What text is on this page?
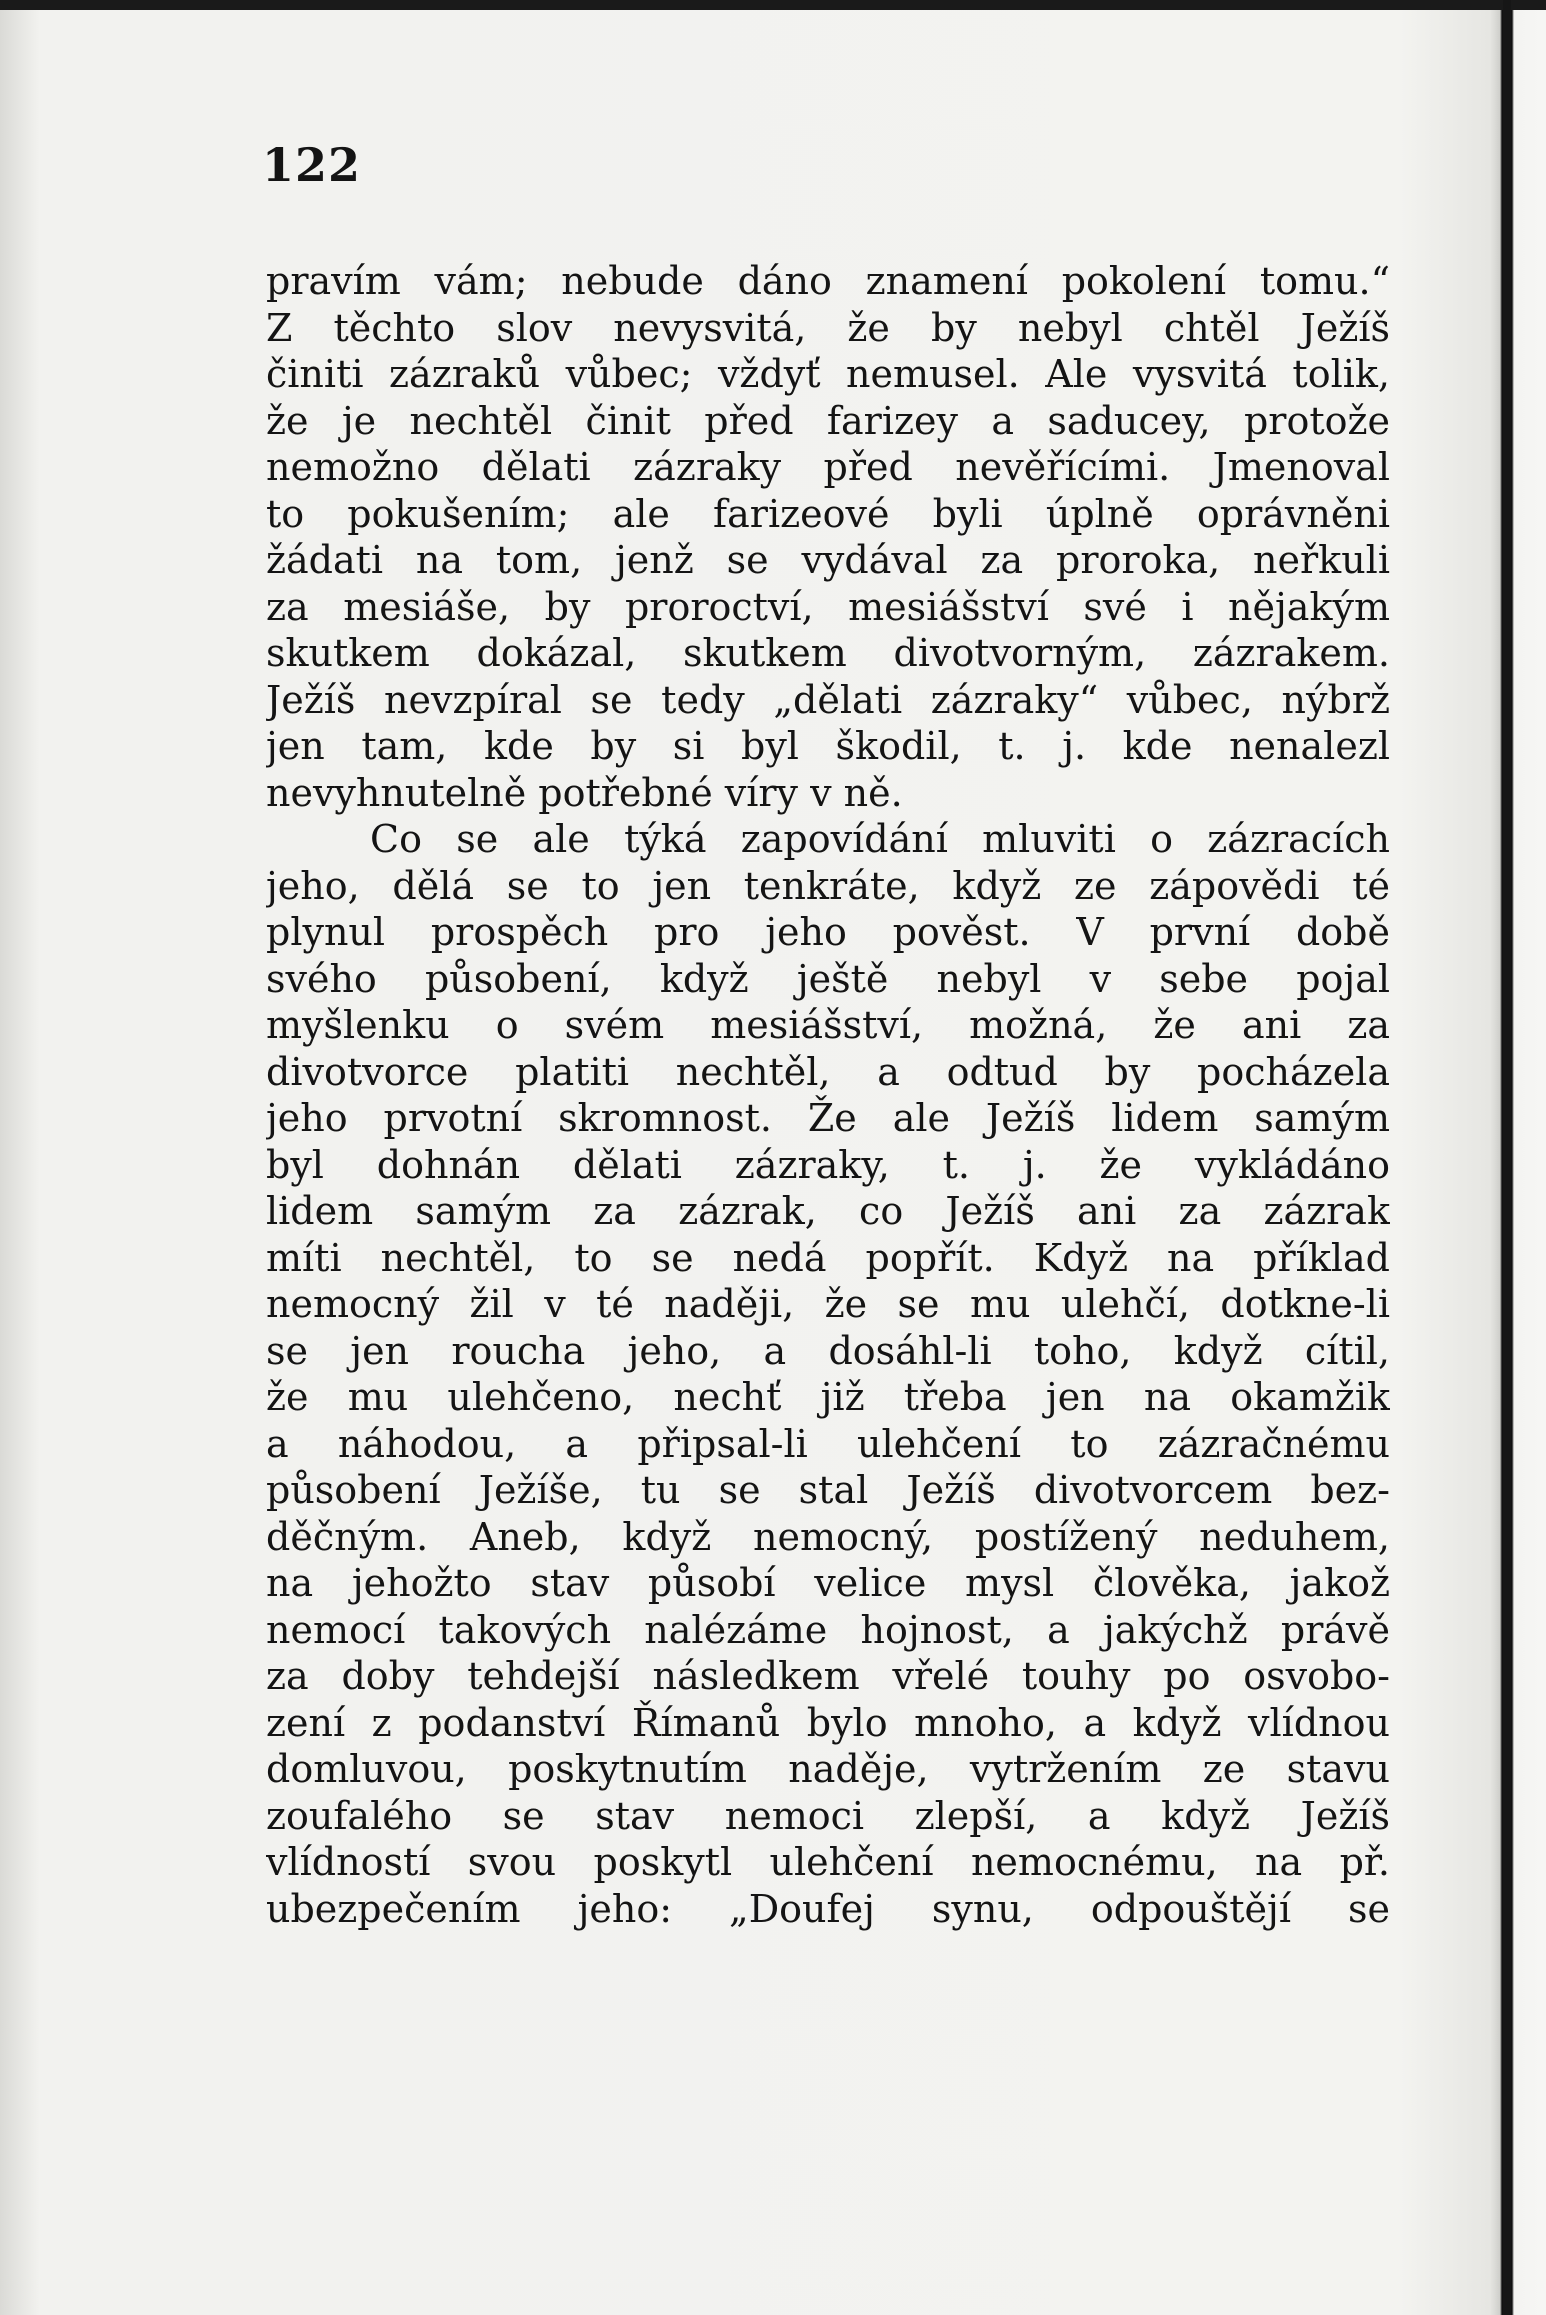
122
pravím vám; nebude dáno znamení pokolení tomu.“
Z těchto slov nevysvitá, že by nebyl chtěl Ježíš
činiti zázraků vůbec; vždyť nemusel. Ale vysvitá tolik,
že je nechtěl činit před farizey a saducey, protože
nemožno dělati zázraky před nevěřícími. Jmenoval
to pokušením; ale farizeové byli úplně oprávněni
žádati na tom, jenž se vydával za proroka, neřkuli
za mesiáše, by proroctví, mesiášství své i nějakým
skutkem dokázal, skutkem divotvorným, zázrakem.
Ježíš nevzpíral se tedy „dělati zázraky“ vůbec, nýbrž
jen tam, kde by si byl škodil, t. j. kde nenalezl
nevyhnutelně potřebné víry v ně.
Co se ale týká zapovídání mluviti o zázracích
jeho, dělá se to jen tenkráte, když ze zápovědi té
plynul prospěch pro jeho pověst. V první době
svého působení, když ještě nebyl v sebe pojal
myšlenku o svém mesiášství, možná, že ani za
divotvorce platiti nechtěl, a odtud by pocházela
jeho prvotní skromnost. Že ale Ježíš lidem samým
byl dohnán dělati zázraky, t. j. že vykládáno
lidem samým za zázrak, co Ježíš ani za zázrak
míti nechtěl, to se nedá popřít. Když na příklad
nemocný žil v té naději, že se mu ulehčí, dotkne-li
se jen roucha jeho, a dosáhl-li toho, když cítil,
že mu ulehčeno, nechť již třeba jen na okamžik
a náhodou, a připsal-li ulehčení to zázračnému
působení Ježíše, tu se stal Ježíš divotvorcem bez-
děčným. Aneb, když nemocný, postížený neduhem,
na jehožto stav působí velice mysl člověka, jakož
nemocí takových nalézáme hojnost, a jakýchž právě
za doby tehdejší následkem vřelé touhy po osvobo-
zení z podanství Římanů bylo mnoho, a když vlídnou
domluvou, poskytnutím naděje, vytržením ze stavu
zoufalého se stav nemoci zlepší, a když Ježíš
vlídností svou poskytl ulehčení nemocnému, na př.
ubezpečením jeho: „Doufej synu, odpouštějí se
